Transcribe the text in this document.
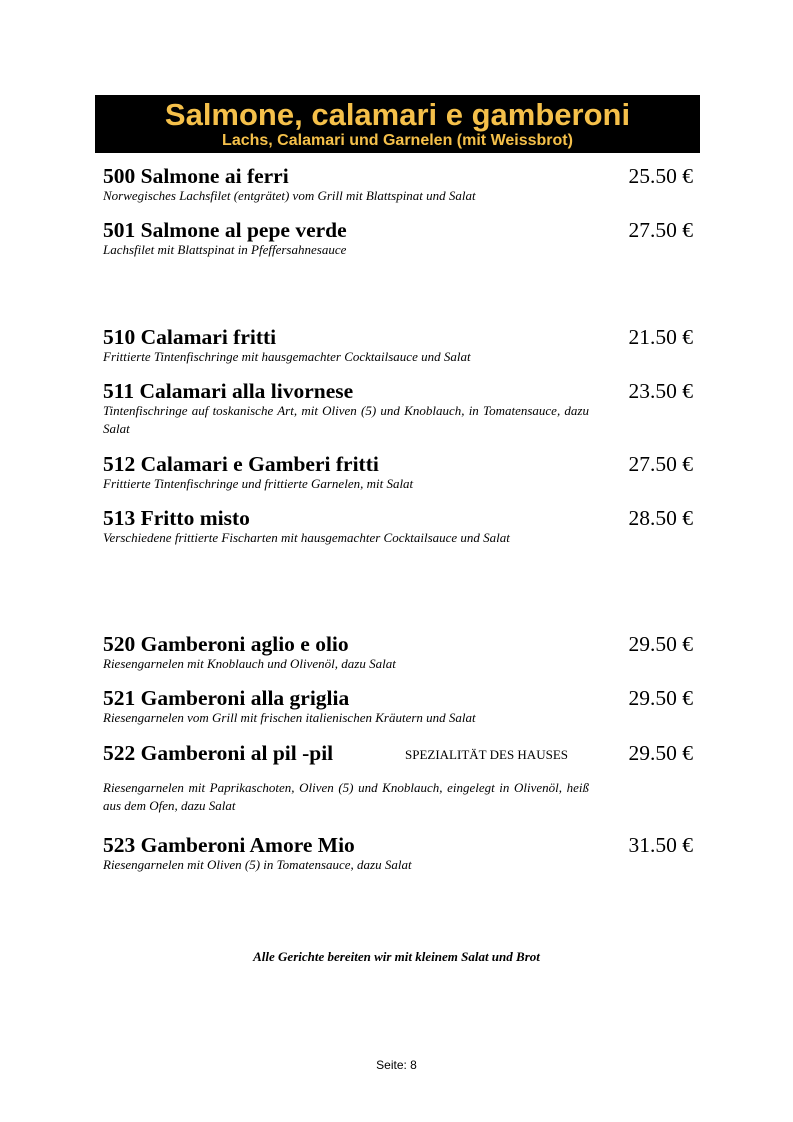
Salmone, calamari e gamberoni
Lachs, Calamari und Garnelen (mit Weissbrot)
500 Salmone ai ferri	25.50 €
Norwegisches Lachsfilet (entgrätet) vom Grill mit Blattspinat und Salat
501 Salmone al pepe verde	27.50 €
Lachsfilet mit Blattspinat in Pfeffersahnesauce
510 Calamari fritti	21.50 €
Frittierte Tintenfischringe mit hausgemachter Cocktailsauce und Salat
511 Calamari alla livornese	23.50 €
Tintenfischringe auf toskanische Art, mit Oliven (5) und Knoblauch, in Tomatensauce, dazu Salat
512 Calamari e Gamberi fritti	27.50 €
Frittierte Tintenfischringe und frittierte Garnelen, mit Salat
513 Fritto misto	28.50 €
Verschiedene frittierte Fischarten mit hausgemachter Cocktailsauce und Salat
520 Gamberoni aglio e olio	29.50 €
Riesengarnelen mit Knoblauch und Olivenöl, dazu Salat
521 Gamberoni alla griglia	29.50 €
Riesengarnelen vom Grill mit frischen italienischen Kräutern und Salat
522 Gamberoni al pil -pil	SPEZIALITÄT DES HAUSES	29.50 €
Riesengarnelen mit Paprikaschoten, Oliven (5) und Knoblauch, eingelegt in Olivenöl, heiß aus dem Ofen, dazu Salat
523 Gamberoni Amore Mio	31.50 €
Riesengarnelen mit Oliven (5) in Tomatensauce, dazu Salat
Alle Gerichte bereiten wir mit kleinem Salat und Brot
Seite: 8
